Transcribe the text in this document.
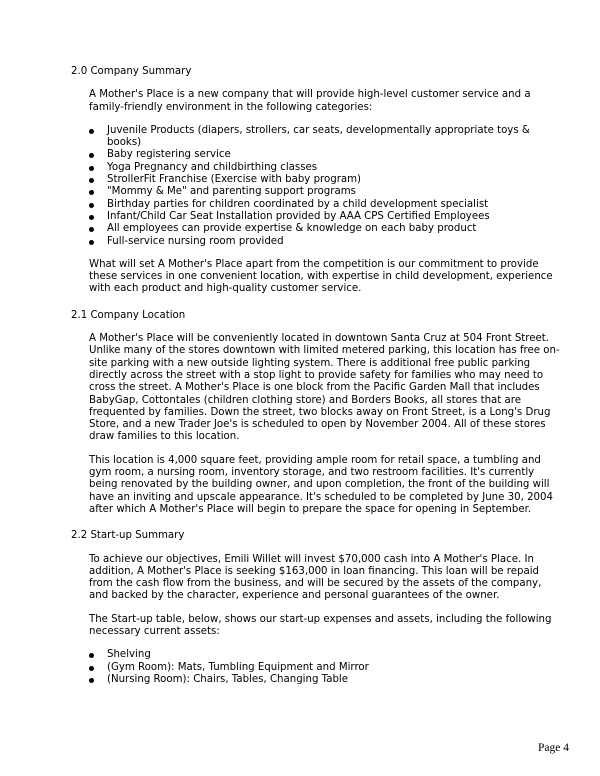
2.0 Company Summary

A Mother's Place is a new company that will provide high-level customer service and a family-friendly environment in the following categories:

Juvenile Products (diapers, strollers, car seats, developmentally appropriate toys & books)
Baby registering service
Yoga Pregnancy and childbirthing classes
StrollerFit Franchise (Exercise with baby program)
"Mommy & Me" and parenting support programs
Birthday parties for children coordinated by a child development specialist
Infant/Child Car Seat Installation provided by AAA CPS Certified Employees
All employees can provide expertise & knowledge on each baby product
Full-service nursing room provided

What will set A Mother's Place apart from the competition is our commitment to provide these services in one convenient location, with expertise in child development, experience with each product and high-quality customer service.

2.1 Company Location

A Mother's Place will be conveniently located in downtown Santa Cruz at 504 Front Street. Unlike many of the stores downtown with limited metered parking, this location has free on-site parking with a new outside lighting system. There is additional free public parking directly across the street with a stop light to provide safety for families who may need to cross the street. A Mother's Place is one block from the Pacific Garden Mall that includes BabyGap, Cottontales (children clothing store) and Borders Books, all stores that are frequented by families. Down the street, two blocks away on Front Street, is a Long's Drug Store, and a new Trader Joe's is scheduled to open by November 2004. All of these stores draw families to this location.

This location is 4,000 square feet, providing ample room for retail space, a tumbling and gym room, a nursing room, inventory storage, and two restroom facilities. It's currently being renovated by the building owner, and upon completion, the front of the building will have an inviting and upscale appearance. It's scheduled to be completed by June 30, 2004 after which A Mother's Place will begin to prepare the space for opening in September.

2.2 Start-up Summary

To achieve our objectives, Emili Willet will invest $70,000 cash into A Mother's Place. In addition, A Mother's Place is seeking $163,000 in loan financing. This loan will be repaid from the cash flow from the business, and will be secured by the assets of the company, and backed by the character, experience and personal guarantees of the owner.

The Start-up table, below, shows our start-up expenses and assets, including the following necessary current assets:

Shelving
(Gym Room): Mats, Tumbling Equipment and Mirror
(Nursing Room): Chairs, Tables, Changing Table
Page 4
